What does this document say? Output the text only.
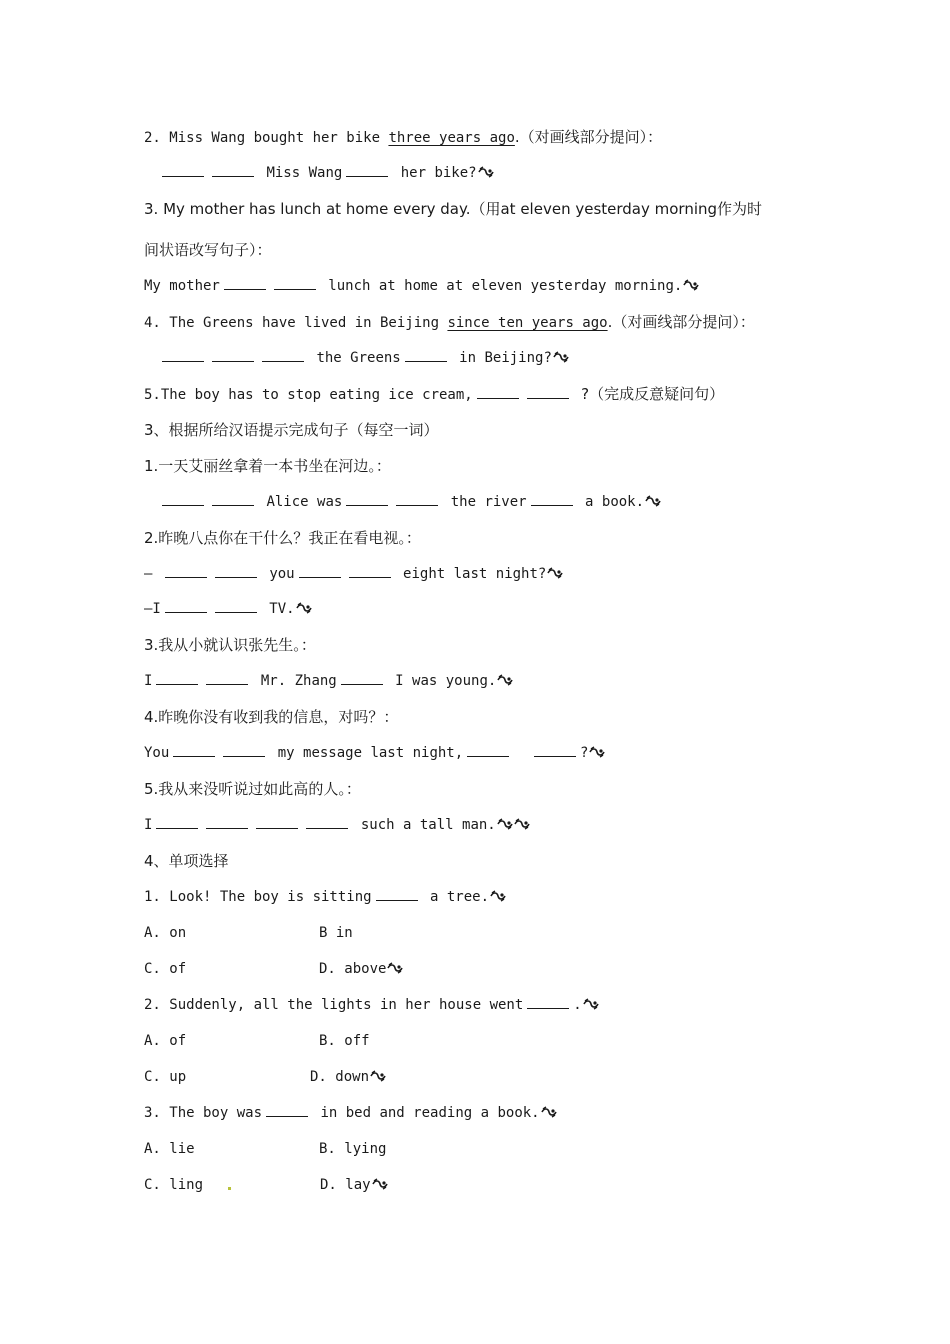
2. Miss Wang bought her bike three years ago.（对画线部分提问）：
Miss Wang	her bike?
3. My mother has lunch at home every day.（用at eleven yesterday morning作为时
间状语改写句子）：
My mother	lunch at home at eleven yesterday morning.
4. The Greens have lived in Beijing since ten years ago.（对画线部分提问）：
the Greens	in Beijing?
5.The boy has to stop eating ice cream,	?（完成反意疑问句）
3、根据所给汉语提示完成句子（每空一词）
1.一天艾丽丝拿着一本书坐在河边。：
Alice was	the river	a book.
2.昨晚八点你在干什么？我正在看电视。：
—	you	eight last night?
—I	TV.
3.我从小就认识张先生。：
I	Mr. Zhang	I was young.
4.昨晚你没有收到我的信息，对吗？：
You	my message last night,	?
5.我从来没听说过如此高的人。：
I	such a tall man.
4、单项选择
1. Look! The boy is sitting	a tree.
A. on	B in
C. of	D. above
2. Suddenly, all the lights in her house went	.
A. of	B. off
C. up	D. down
3. The boy was	in bed and reading a book.
A. lie	B. lying
C. ling	D. lay
